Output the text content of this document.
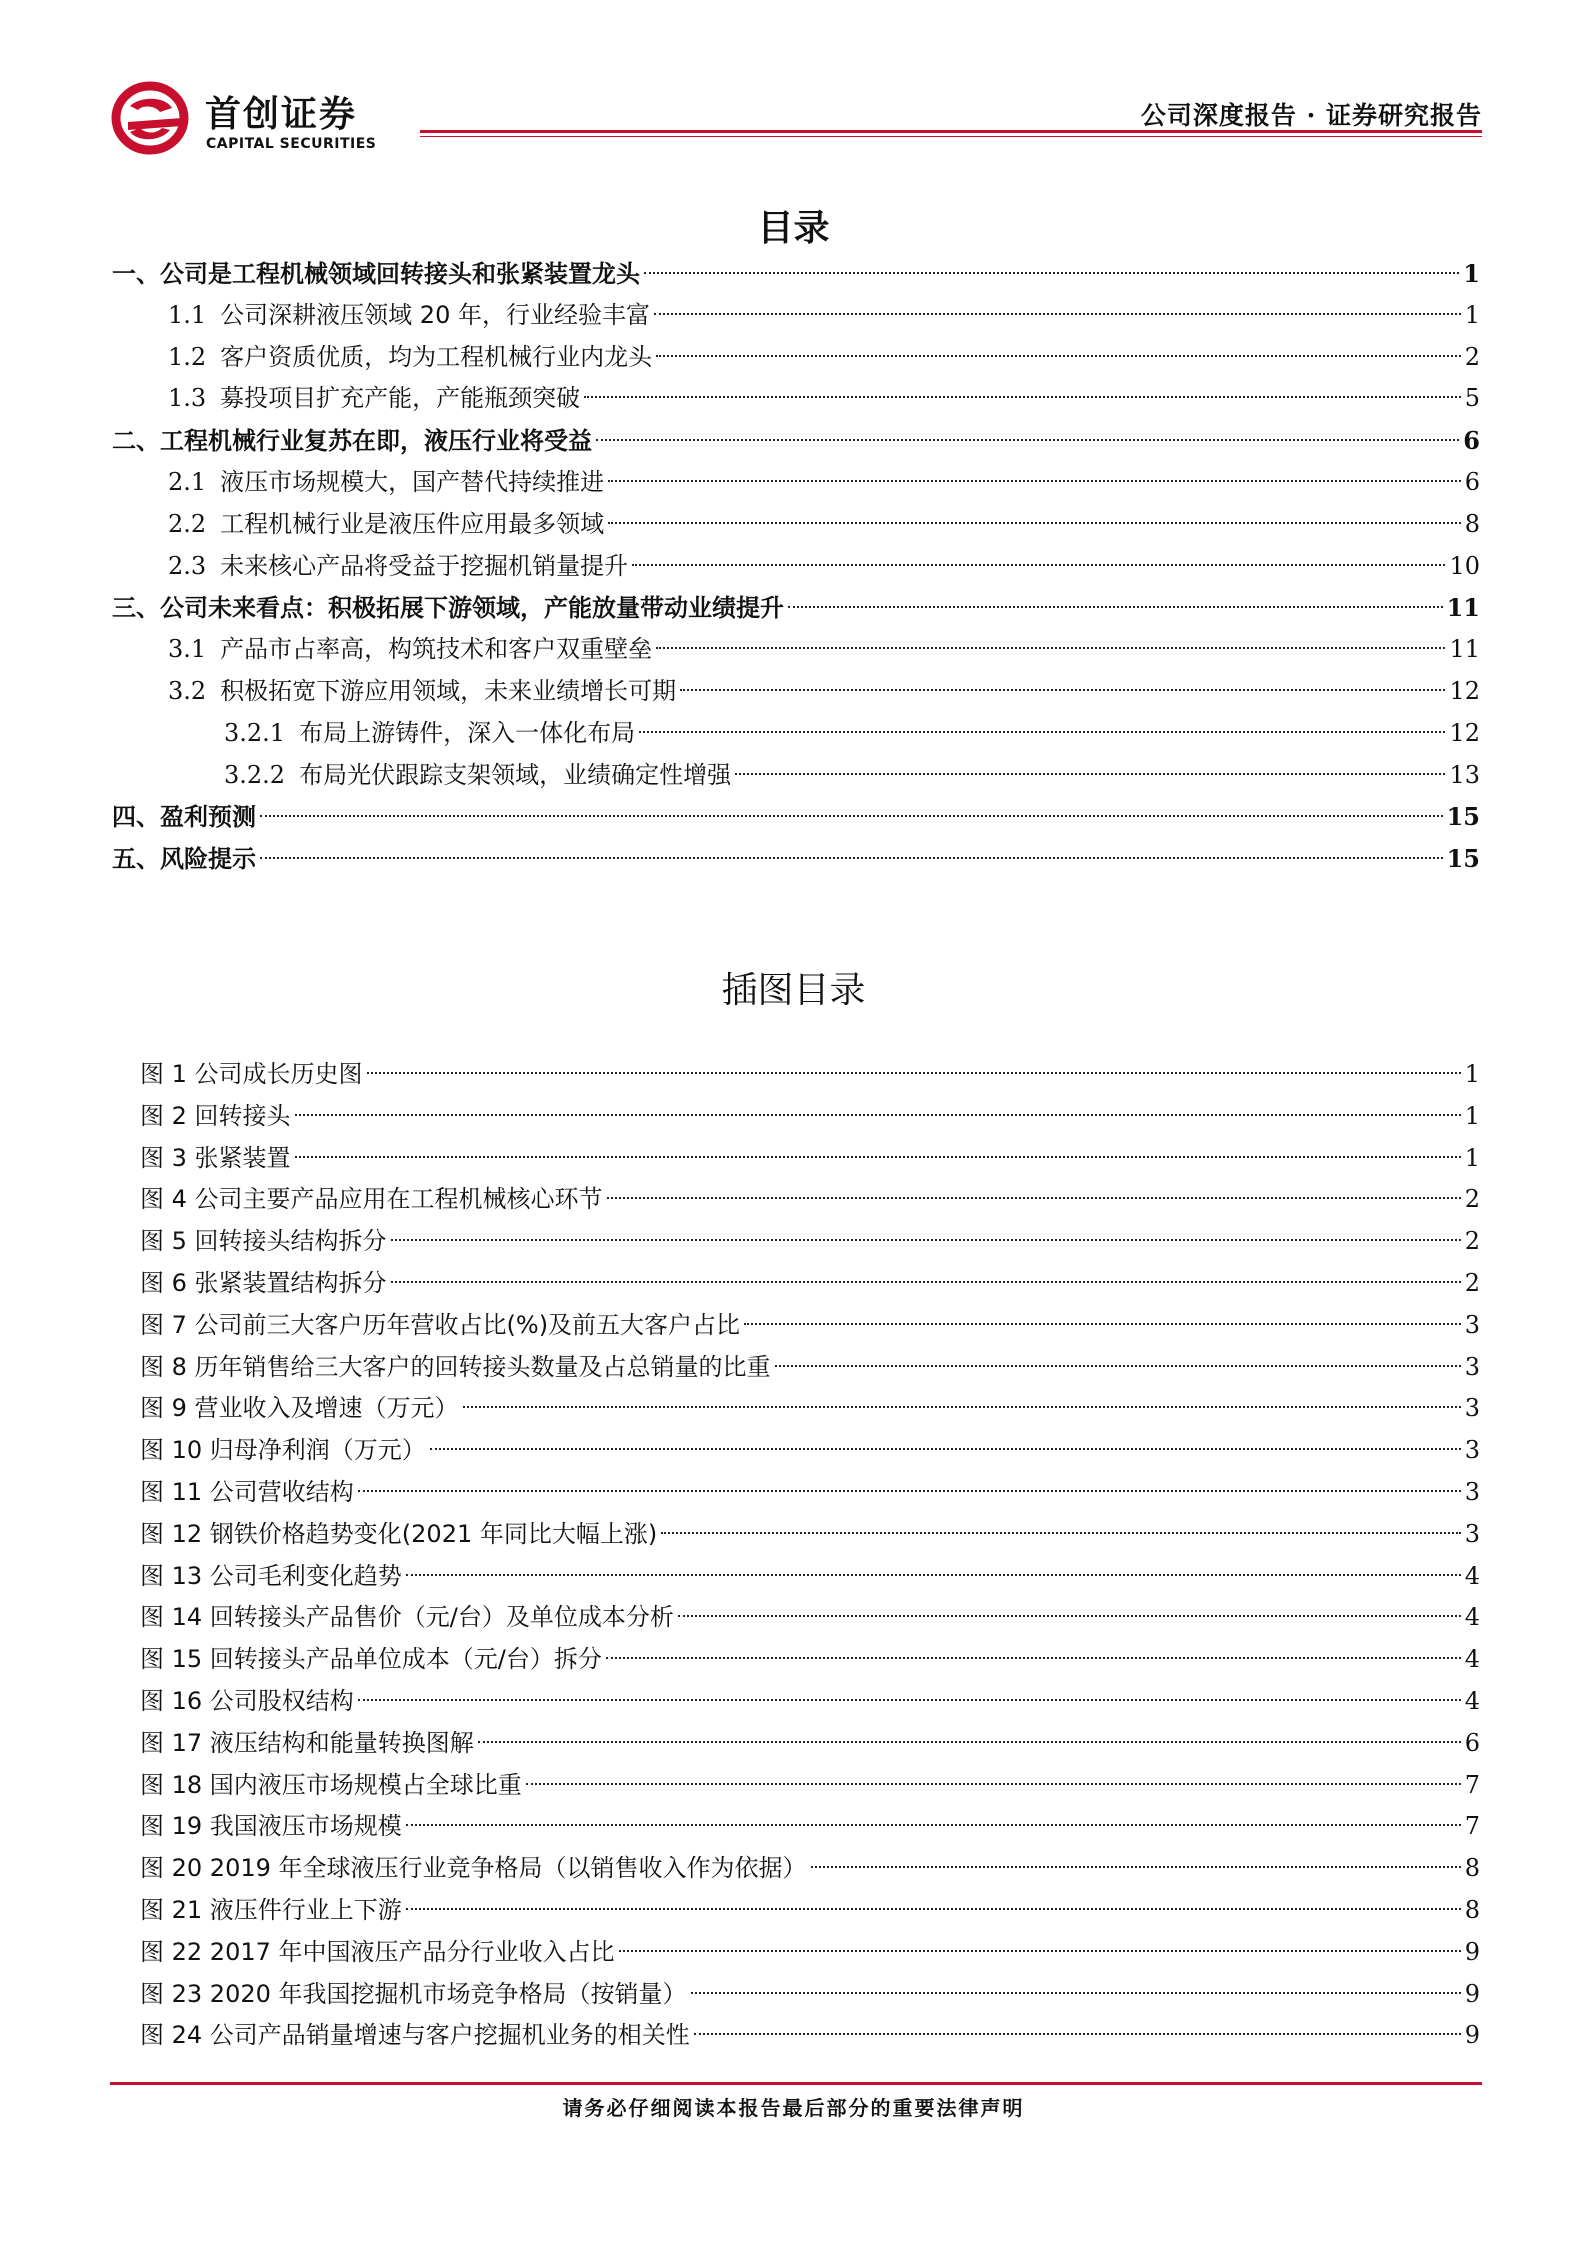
首创证券
CAPITAL SECURITIES
公司深度报告 · 证券研究报告
目录
一、公司是工程机械领域回转接头和张紧装置龙头	1
1.1 公司深耕液压领域 20 年，行业经验丰富	1
1.2 客户资质优质，均为工程机械行业内龙头	2
1.3 募投项目扩充产能，产能瓶颈突破	5
二、工程机械行业复苏在即，液压行业将受益	6
2.1 液压市场规模大，国产替代持续推进	6
2.2 工程机械行业是液压件应用最多领域	8
2.3 未来核心产品将受益于挖掘机销量提升	10
三、公司未来看点：积极拓展下游领域，产能放量带动业绩提升	11
3.1 产品市占率高，构筑技术和客户双重壁垒	11
3.2 积极拓宽下游应用领域，未来业绩增长可期	12
3.2.1 布局上游铸件，深入一体化布局	12
3.2.2 布局光伏跟踪支架领域，业绩确定性增强	13
四、盈利预测	15
五、风险提示	15
插图目录
图 1 公司成长历史图	1
图 2 回转接头	1
图 3 张紧装置	1
图 4 公司主要产品应用在工程机械核心环节	2
图 5 回转接头结构拆分	2
图 6 张紧装置结构拆分	2
图 7 公司前三大客户历年营收占比(%)及前五大客户占比	3
图 8 历年销售给三大客户的回转接头数量及占总销量的比重	3
图 9 营业收入及增速（万元）	3
图 10 归母净利润（万元）	3
图 11 公司营收结构	3
图 12 钢铁价格趋势变化(2021 年同比大幅上涨)	3
图 13 公司毛利变化趋势	4
图 14 回转接头产品售价（元/台）及单位成本分析	4
图 15 回转接头产品单位成本（元/台）拆分	4
图 16 公司股权结构	4
图 17 液压结构和能量转换图解	6
图 18 国内液压市场规模占全球比重	7
图 19 我国液压市场规模	7
图 20 2019 年全球液压行业竞争格局（以销售收入作为依据）	8
图 21 液压件行业上下游	8
图 22 2017 年中国液压产品分行业收入占比	9
图 23 2020 年我国挖掘机市场竞争格局（按销量）	9
图 24 公司产品销量增速与客户挖掘机业务的相关性	9
请务必仔细阅读本报告最后部分的重要法律声明
